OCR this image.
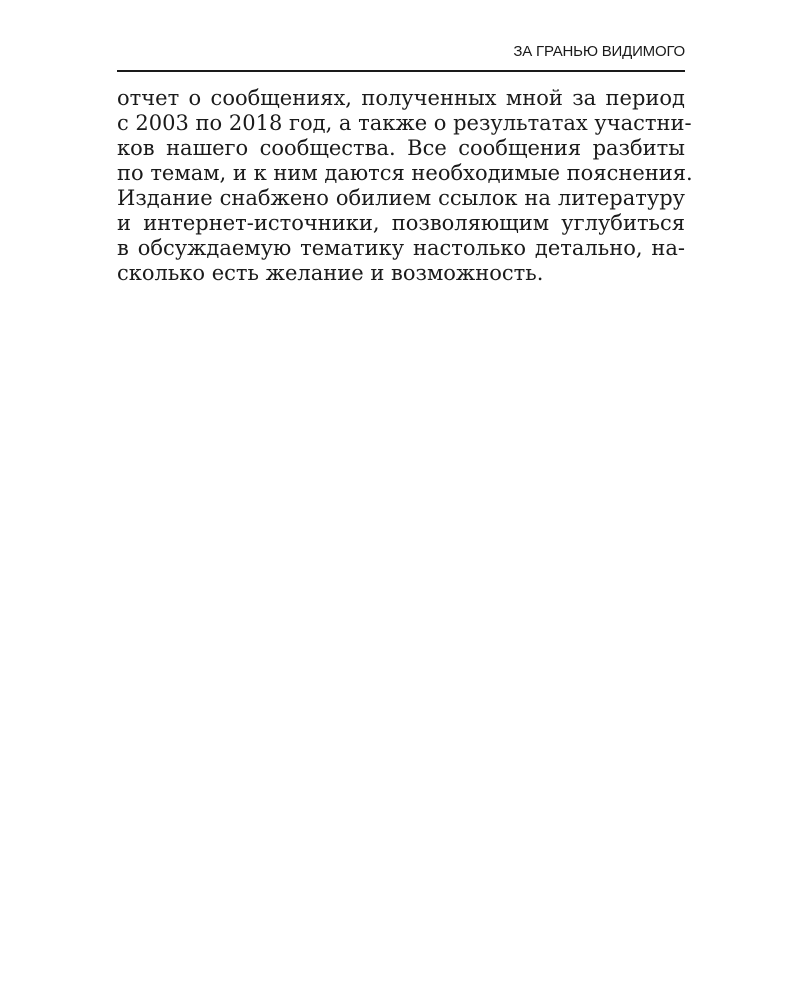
ЗА ГРАНЬЮ ВИДИМОГО

отчет о сообщениях, полученных мной за период
с 2003 по 2018 год, а также о результатах участни-
ков нашего сообщества. Все сообщения разбиты
по темам, и к ним даются необходимые пояснения.
Издание снабжено обилием ссылок на литературу
и интернет-источники, позволяющим углубиться
в обсуждаемую тематику настолько детально, на-
сколько есть желание и возможность.
